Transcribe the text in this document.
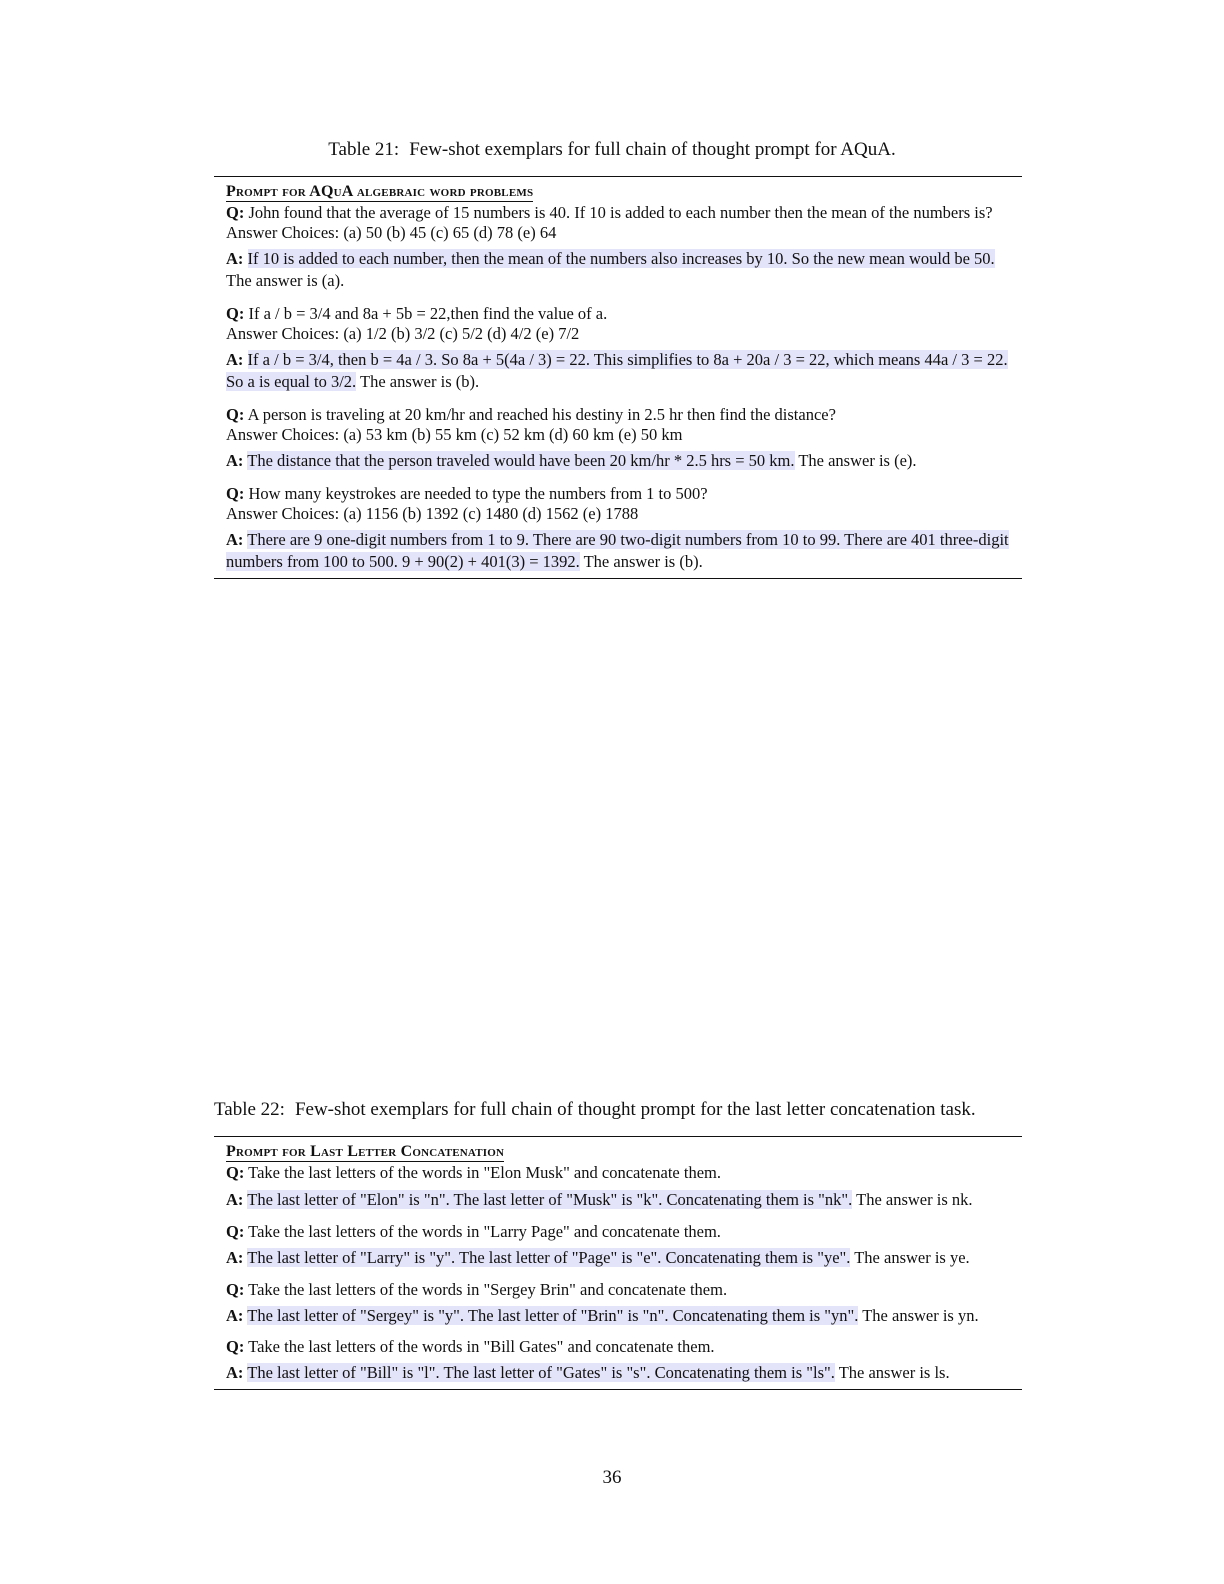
Table 21: Few-shot exemplars for full chain of thought prompt for AQuA.
Prompt for AQuA algebraic word problems

Q: John found that the average of 15 numbers is 40. If 10 is added to each number then the mean of the numbers is?

Answer Choices: (a) 50 (b) 45 (c) 65 (d) 78 (e) 64

A: If 10 is added to each number, then the mean of the numbers also increases by 10. So the new mean would be 50. The answer is (a).

Q: If a / b = 3/4 and 8a + 5b = 22,then find the value of a.

Answer Choices: (a) 1/2 (b) 3/2 (c) 5/2 (d) 4/2 (e) 7/2

A: If a / b = 3/4, then b = 4a / 3. So 8a + 5(4a / 3) = 22. This simplifies to 8a + 20a / 3 = 22, which means 44a / 3 = 22. So a is equal to 3/2. The answer is (b).

Q: A person is traveling at 20 km/hr and reached his destiny in 2.5 hr then find the distance?

Answer Choices: (a) 53 km (b) 55 km (c) 52 km (d) 60 km (e) 50 km

A: The distance that the person traveled would have been 20 km/hr * 2.5 hrs = 50 km. The answer is (e).

Q: How many keystrokes are needed to type the numbers from 1 to 500?

Answer Choices: (a) 1156 (b) 1392 (c) 1480 (d) 1562 (e) 1788

A: There are 9 one-digit numbers from 1 to 9. There are 90 two-digit numbers from 10 to 99. There are 401 three-digit numbers from 100 to 500. 9 + 90(2) + 401(3) = 1392. The answer is (b).

Table 22: Few-shot exemplars for full chain of thought prompt for the last letter concatenation task.
Prompt for Last Letter Concatenation

Q: Take the last letters of the words in "Elon Musk" and concatenate them.

A: The last letter of "Elon" is "n". The last letter of "Musk" is "k". Concatenating them is "nk". The answer is nk.

Q: Take the last letters of the words in "Larry Page" and concatenate them.

A: The last letter of "Larry" is "y". The last letter of "Page" is "e". Concatenating them is "ye". The answer is ye.

Q: Take the last letters of the words in "Sergey Brin" and concatenate them.

A: The last letter of "Sergey" is "y". The last letter of "Brin" is "n". Concatenating them is "yn". The answer is yn.

Q: Take the last letters of the words in "Bill Gates" and concatenate them.

A: The last letter of "Bill" is "l". The last letter of "Gates" is "s". Concatenating them is "ls". The answer is ls.

36
